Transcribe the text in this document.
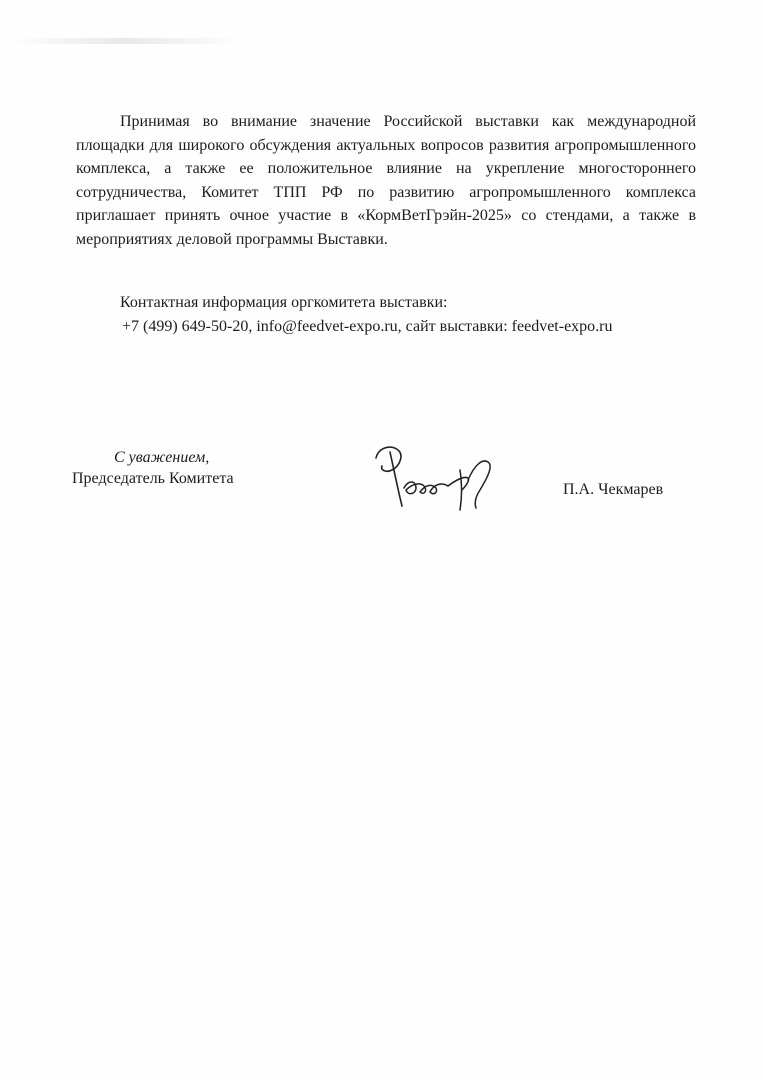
Принимая во внимание значение Российской выставки как международной площадки для широкого обсуждения актуальных вопросов развития агропромышленного комплекса, а также ее положительное влияние на укрепление многостороннего сотрудничества, Комитет ТПП РФ по развитию агропромышленного комплекса приглашает принять очное участие в «КормВетГрэйн-2025» со стендами, а также в мероприятиях деловой программы Выставки.

Контактная информация оргкомитета выставки:

+7 (499) 649-50-20, info@feedvet-expo.ru, сайт выставки: feedvet-expo.ru

С уважением,

Председатель Комитета

П.А. Чекмарев
